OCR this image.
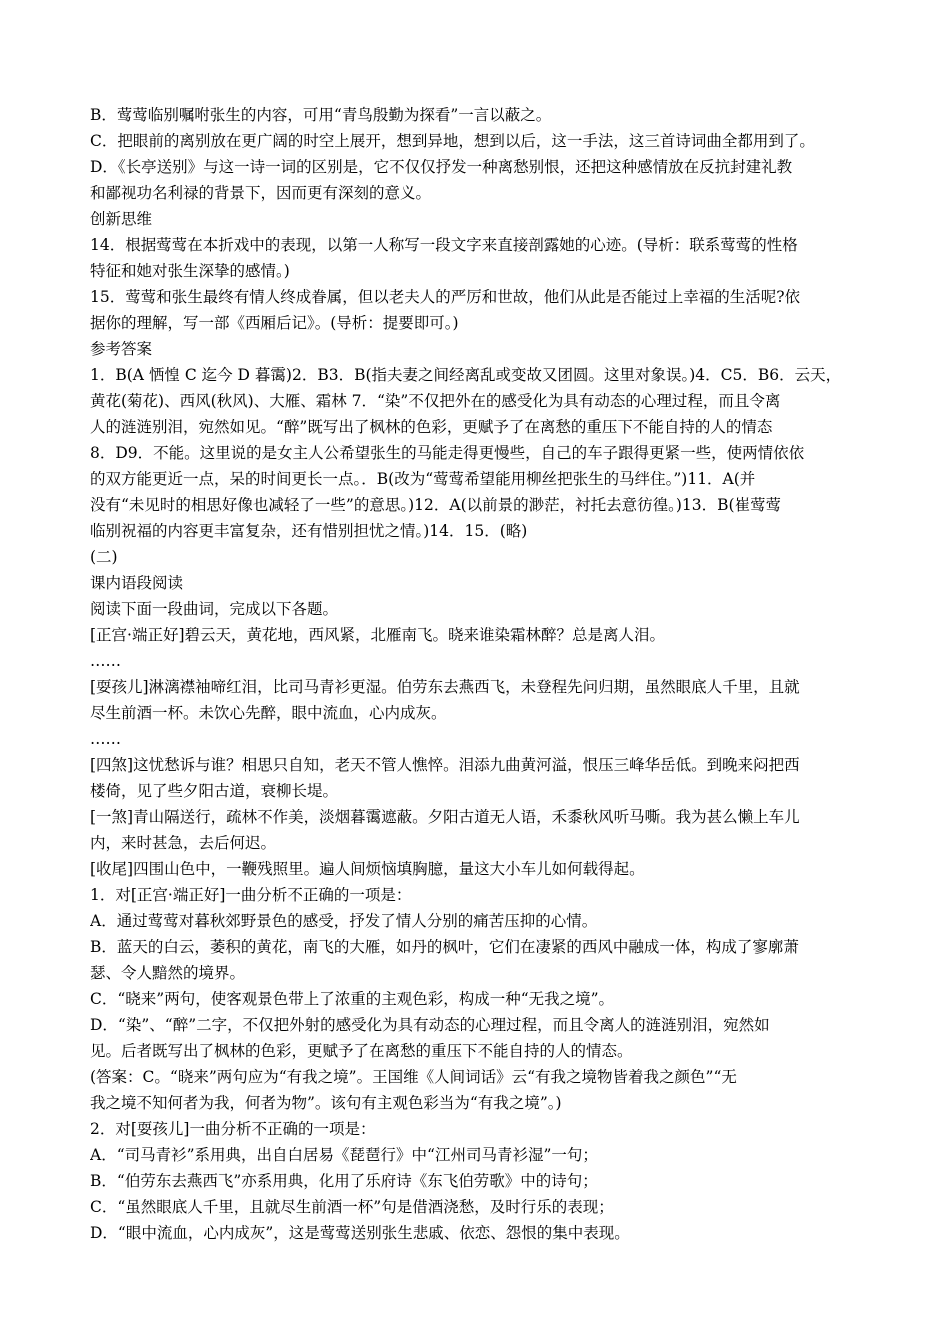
B．莺莺临别嘱咐张生的内容，可用“青鸟殷勤为探看”一言以蔽之。
C．把眼前的离别放在更广阔的时空上展开，想到异地，想到以后，这一手法，这三首诗词曲全都用到了。
D．《长亭送别》与这一诗一词的区别是，它不仅仅抒发一种离愁别恨，还把这种感情放在反抗封建礼教
和鄙视功名利禄的背景下，因而更有深刻的意义。
创新思维
14．根据莺莺在本折戏中的表现，以第一人称写一段文字来直接剖露她的心迹。(导析：联系莺莺的性格
特征和她对张生深挚的感情。)
15．莺莺和张生最终有情人终成眷属，但以老夫人的严厉和世故，他们从此是否能过上幸福的生活呢?依
据你的理解，写一部《西厢后记》。(导析：提要即可。)
参考答案
1．B(A 恓惶 C 迄今 D 暮霭)2．B3．B(指夫妻之间经离乱或变故又团圆。这里对象误。)4．C5．B6．云天，
黄花(菊花)、西风(秋风)、大雁、霜林 7．“染”不仅把外在的感受化为具有动态的心理过程，而且令离
人的涟涟别泪，宛然如见。“醉”既写出了枫林的色彩，更赋予了在离愁的重压下不能自持的人的情态
8．D9．不能。这里说的是女主人公希望张生的马能走得更慢些，自己的车子跟得更紧一些，使两情依依
的双方能更近一点，呆的时间更长一点。．B(改为“莺莺希望能用柳丝把张生的马绊住。”)11．A(并
没有“未见时的相思好像也减轻了一些”的意思。)12．A(以前景的渺茫，衬托去意彷徨。)13．B(崔莺莺
临别祝福的内容更丰富复杂，还有惜别担忧之情。)14．15．(略)
(二)
课内语段阅读
阅读下面一段曲词，完成以下各题。
[正宫·端正好]碧云天，黄花地，西风紧，北雁南飞。晓来谁染霜林醉？总是离人泪。
……
[耍孩儿]淋漓襟袖啼红泪，比司马青衫更湿。伯劳东去燕西飞，未登程先问归期，虽然眼底人千里，且就
尽生前酒一杯。未饮心先醉，眼中流血，心内成灰。
……
[四煞]这忧愁诉与谁？相思只自知，老天不管人憔悴。泪添九曲黄河溢，恨压三峰华岳低。到晚来闷把西
楼倚，见了些夕阳古道，衰柳长堤。
[一煞]青山隔送行，疏林不作美，淡烟暮霭遮蔽。夕阳古道无人语，禾黍秋风听马嘶。我为甚么懒上车儿
内，来时甚急，去后何迟。
[收尾]四围山色中，一鞭残照里。遍人间烦恼填胸臆，量这大小车儿如何载得起。
1．对[正宫·端正好]一曲分析不正确的一项是：
A．通过莺莺对暮秋郊野景色的感受，抒发了情人分别的痛苦压抑的心情。
B．蓝天的白云，萎积的黄花，南飞的大雁，如丹的枫叶，它们在凄紧的西风中融成一体，构成了寥廓萧
瑟、令人黯然的境界。
C．“晓来”两句，使客观景色带上了浓重的主观色彩，构成一种“无我之境”。
D．“染”、“醉”二字，不仅把外射的感受化为具有动态的心理过程，而且令离人的涟涟别泪，宛然如
见。后者既写出了枫林的色彩，更赋予了在离愁的重压下不能自持的人的情态。
(答案：C。“晓来”两句应为“有我之境”。王国维《人间词话》云“有我之境物皆着我之颜色”“无
我之境不知何者为我，何者为物”。该句有主观色彩当为“有我之境”。)
2．对[耍孩儿]一曲分析不正确的一项是：
A．“司马青衫”系用典，出自白居易《琵琶行》中“江州司马青衫湿”一句；
B．“伯劳东去燕西飞”亦系用典，化用了乐府诗《东飞伯劳歌》中的诗句；
C．“虽然眼底人千里，且就尽生前酒一杯”句是借酒浇愁，及时行乐的表现；
D．“眼中流血，心内成灰”，这是莺莺送别张生悲戚、依恋、怨恨的集中表现。
